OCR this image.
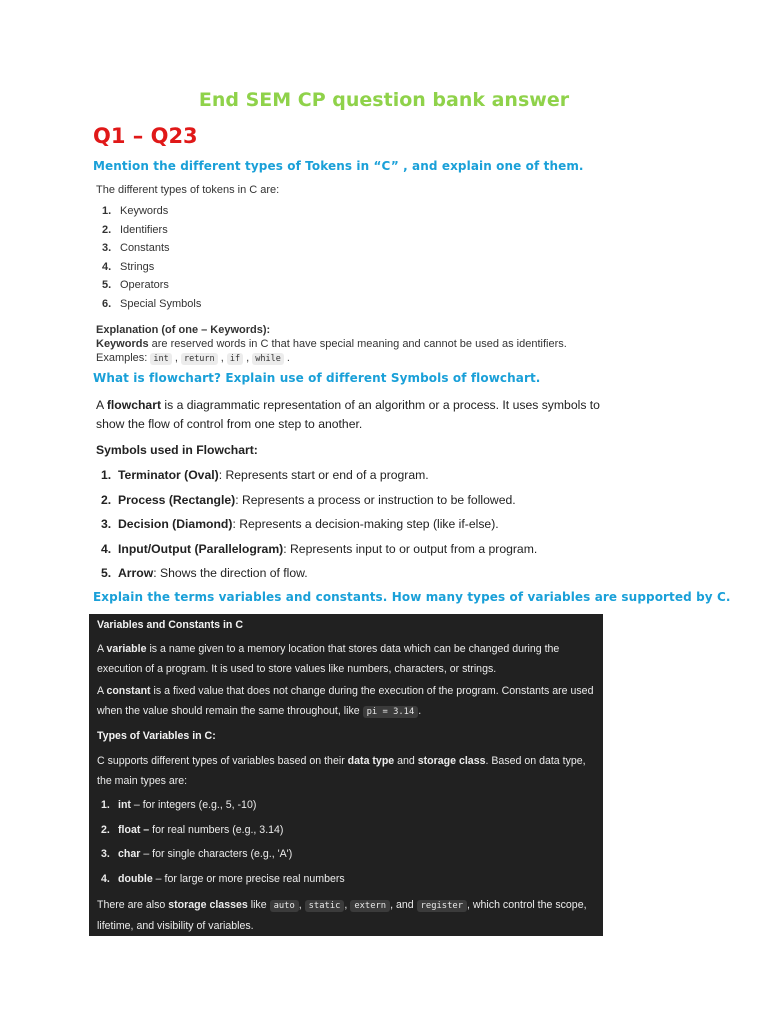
End SEM CP question bank answer
Q1 – Q23
Mention the different types of Tokens in “C” , and explain one of them.

The different types of tokens in C are:

1. Keywords
2. Identifiers
3. Constants
4. Strings
5. Operators
6. Special Symbols
Explanation (of one – Keywords):
Keywords are reserved words in C that have special meaning and cannot be used as identifiers. Examples: int , return , if , while .
What is flowchart? Explain use of different Symbols of flowchart.

A flowchart is a diagrammatic representation of an algorithm or a process. It uses symbols to show the flow of control from one step to another.

Symbols used in Flowchart:
1. Terminator (Oval): Represents start or end of a program.
2. Process (Rectangle): Represents a process or instruction to be followed.
3. Decision (Diamond): Represents a decision-making step (like if-else).
4. Input/Output (Parallelogram): Represents input to or output from a program.
5. Arrow: Shows the direction of flow.
Explain the terms variables and constants. How many types of variables are supported by C.

Variables and Constants in C

A variable is a name given to a memory location that stores data which can be changed during the execution of a program. It is used to store values like numbers, characters, or strings.

A constant is a fixed value that does not change during the execution of the program. Constants are used when the value should remain the same throughout, like pi = 3.14 .

Types of Variables in C:

C supports different types of variables based on their data type and storage class. Based on data type, the main types are:

1. int – for integers (e.g., 5, -10)
2. float – for real numbers (e.g., 3.14)
3. char – for single characters (e.g., 'A')
4. double – for large or more precise real numbers

There are also storage classes like auto , static , extern , and register , which control the scope, lifetime, and visibility of variables.
